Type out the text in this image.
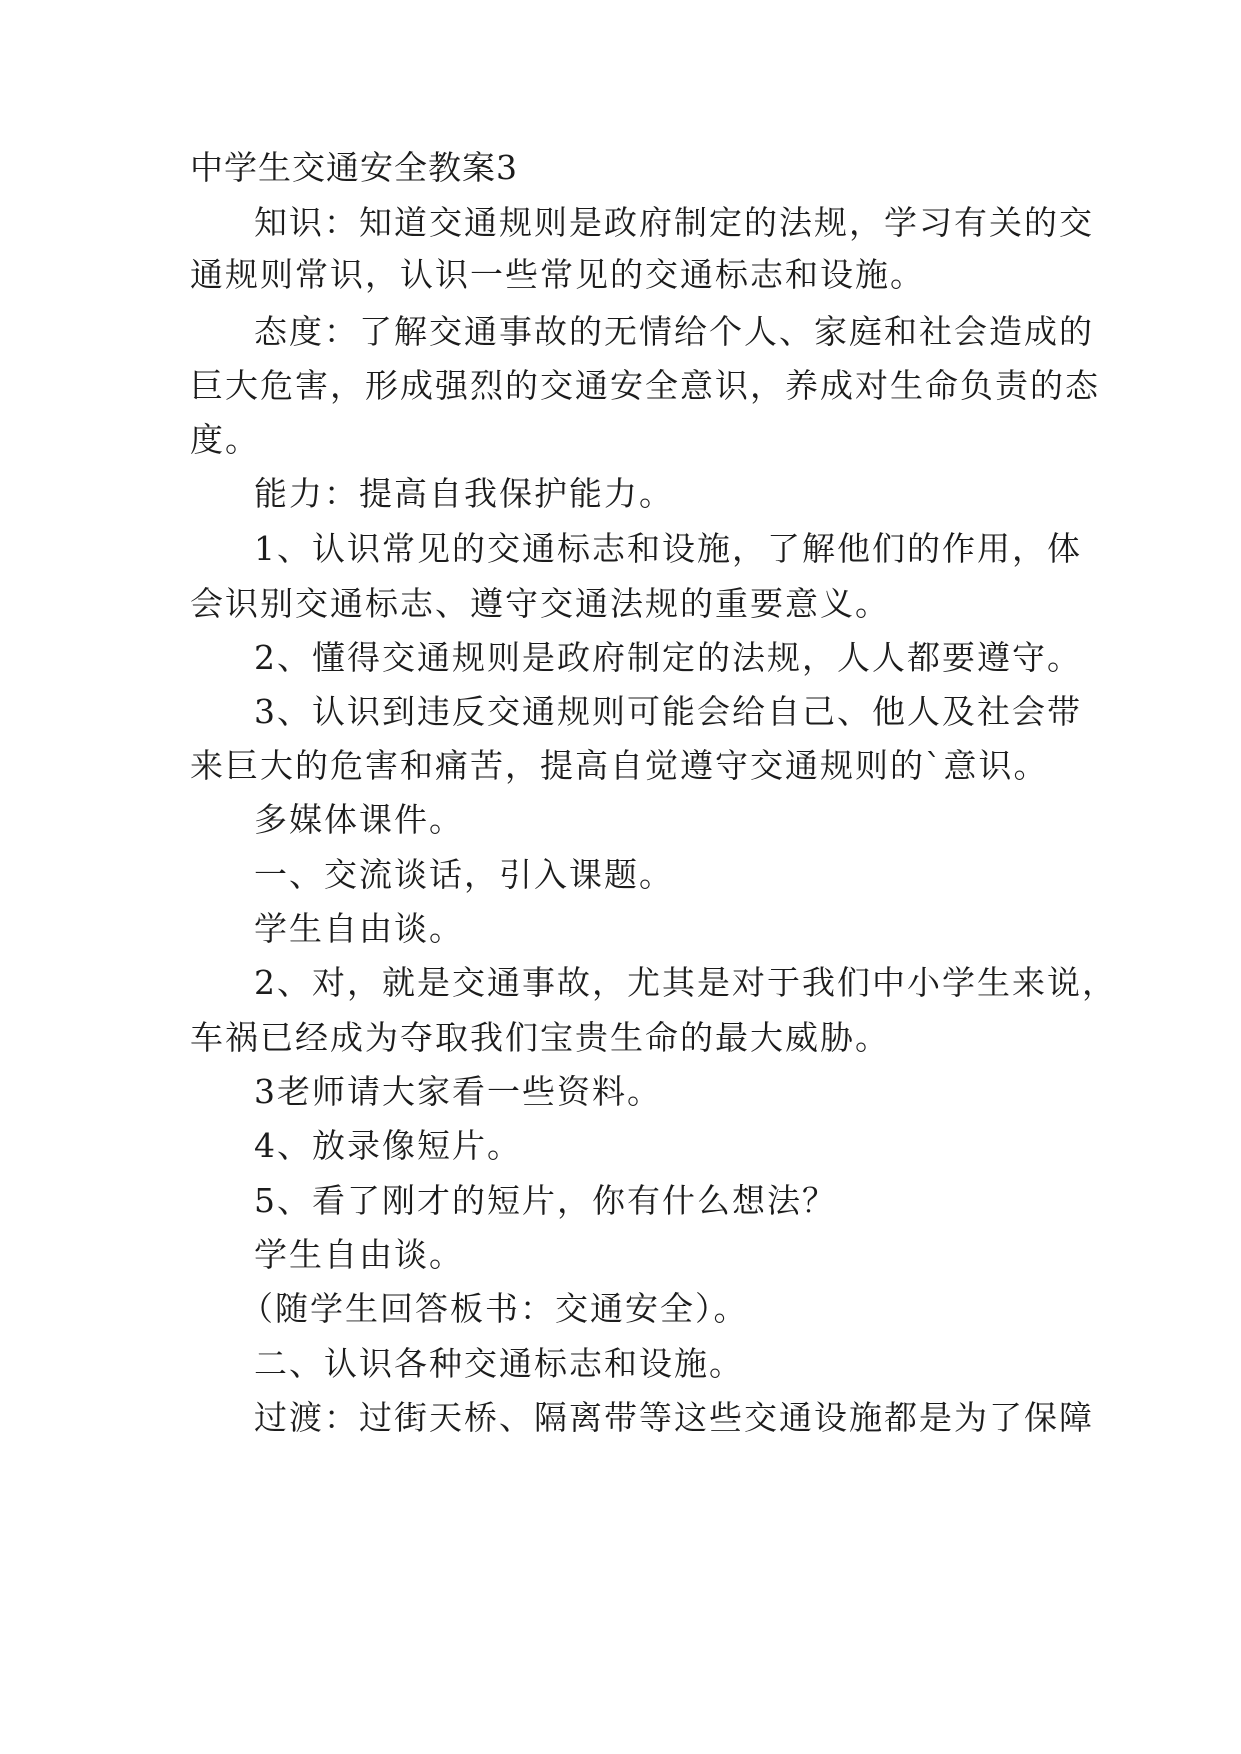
中学生交通安全教案3
知识：知道交通规则是政府制定的法规，学习有关的交
通规则常识，认识一些常见的交通标志和设施。
态度：了解交通事故的无情给个人、家庭和社会造成的
巨大危害，形成强烈的交通安全意识，养成对生命负责的态
度。
能力：提高自我保护能力。
1、认识常见的交通标志和设施，了解他们的作用，体
会识别交通标志、遵守交通法规的重要意义。
2、懂得交通规则是政府制定的法规，人人都要遵守。
3、认识到违反交通规则可能会给自己、他人及社会带
来巨大的危害和痛苦，提高自觉遵守交通规则的`意识。
多媒体课件。
一、交流谈话，引入课题。
学生自由谈。
2、对，就是交通事故，尤其是对于我们中小学生来说，
车祸已经成为夺取我们宝贵生命的最大威胁。
3老师请大家看一些资料。
4、放录像短片。
5、看了刚才的短片，你有什么想法？
学生自由谈。
（随学生回答板书：交通安全）。
二、认识各种交通标志和设施。
过渡：过街天桥、隔离带等这些交通设施都是为了保障
